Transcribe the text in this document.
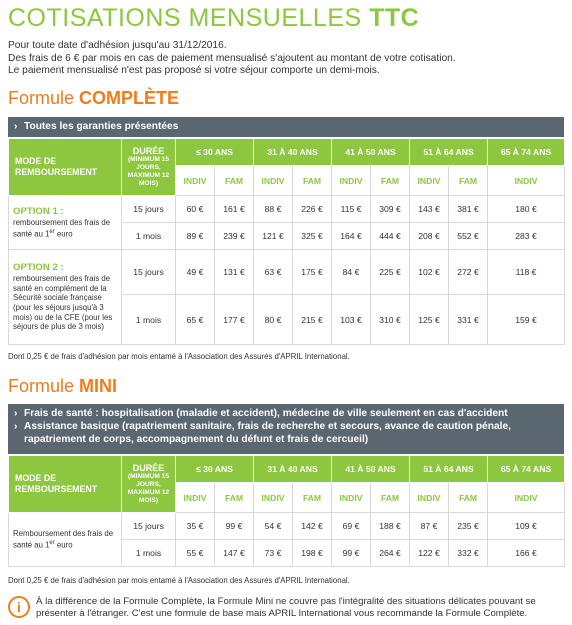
COTISATIONS MENSUELLES TTC
Pour toute date d'adhésion jusqu'au 31/12/2016.
Des frais de 6 € par mois en cas de paiement mensualisé s'ajoutent au montant de votre cotisation.
Le paiement mensualisé n'est pas proposé si votre séjour comporte un demi-mois.
Formule COMPLÈTE
› Toutes les garanties présentées
MODE DE REMBOURSEMENT	DURÉE
(MINIMUM 15 JOURS, MAXIMUM 12 MOIS)	≤ 30 ANS		31 À 40 ANS		41 À 50 ANS		51 À 64 ANS		65 À 74 ANS
		INDIV	FAM	INDIV	FAM	INDIV	FAM	INDIV	FAM	INDIV

OPTION 1 :
remboursement des frais de santé au 1er euro	15 jours	60 €	161 €	88 €	226 €	115 €	309 €	143 €	381 €	180 €
	1 mois	89 €	239 €	121 €	325 €	164 €	444 €	208 €	552 €	283 €

OPTION 2 :
remboursement des frais de santé en complément de la Sécurité sociale française (pour les séjours jusqu'à 3 mois) ou de la CFE (pour les séjours de plus de 3 mois)	15 jours	49 €	131 €	63 €	175 €	84 €	225 €	102 €	272 €	118 €
	1 mois	65 €	177 €	80 €	215 €	103 €	310 €	125 €	331 €	159 €
Dont 0,25 € de frais d'adhésion par mois entamé à l'Association des Assurés d'APRIL International.
Formule MINI
› Frais de santé : hospitalisation (maladie et accident), médecine de ville seulement en cas d'accident
› Assistance basique (rapatriement sanitaire, frais de recherche et secours, avance de caution pénale, rapatriement de corps, accompagnement du défunt et frais de cercueil)
MODE DE REMBOURSEMENT	DURÉE
(MINIMUM 15 JOURS, MAXIMUM 12 MOIS)	≤ 30 ANS		31 À 40 ANS		41 À 50 ANS		51 À 64 ANS		65 À 74 ANS
		INDIV	FAM	INDIV	FAM	INDIV	FAM	INDIV	FAM	INDIV
Remboursement des frais de santé au 1er euro	15 jours	35 €	99 €	54 €	142 €	69 €	188 €	87 €	235 €	109 €
	1 mois	55 €	147 €	73 €	198 €	99 €	264 €	122 €	332 €	166 €
Dont 0,25 € de frais d'adhésion par mois entamé à l'Association des Assurés d'APRIL International.
i	À la différence de la Formule Complète, la Formule Mini ne couvre pas l'intégralité des situations délicates pouvant se présenter à l'étranger. C'est une formule de base mais APRIL International vous recommande la Formule Complète.
